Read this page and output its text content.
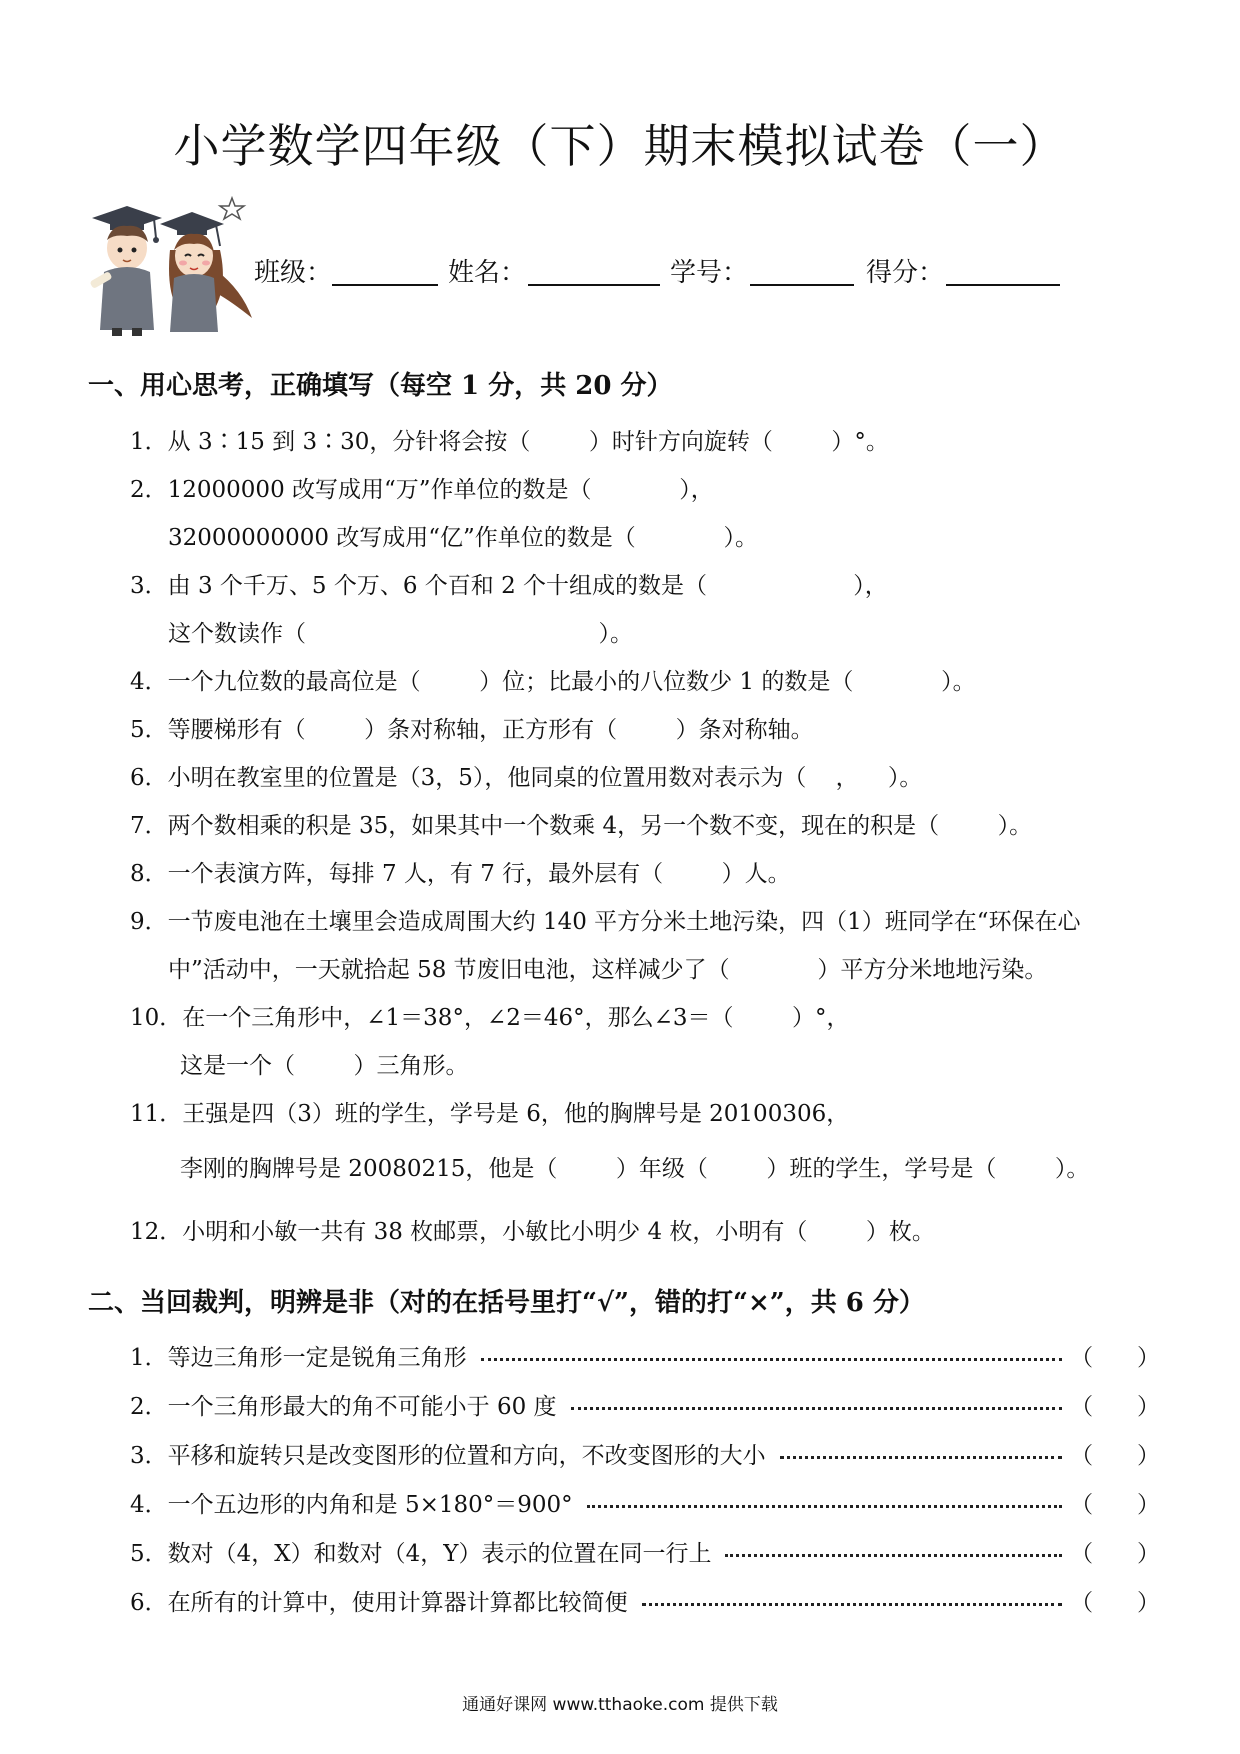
小学数学四年级（下）期末模拟试卷（一）
班级：	姓名：	学号：	得分：
一、用心思考，正确填写（每空 1 分，共 20 分）
1．从 3∶15 到 3∶30，分针将会按（        ）时针方向旋转（        ）°。
2．12000000 改写成用“万”作单位的数是（            ），
32000000000 改写成用“亿”作单位的数是（            ）。
3．由 3 个千万、5 个万、6 个百和 2 个十组成的数是（                    ），
这个数读作（                                        ）。
4．一个九位数的最高位是（        ）位；比最小的八位数少 1 的数是（            ）。
5．等腰梯形有（        ）条对称轴，正方形有（        ）条对称轴。
6．小明在教室里的位置是（3，5），他同桌的位置用数对表示为（    ，    ）。
7．两个数相乘的积是 35，如果其中一个数乘 4，另一个数不变，现在的积是（        ）。
8．一个表演方阵，每排 7 人，有 7 行，最外层有（        ）人。
9．一节废电池在土壤里会造成周围大约 140 平方分米土地污染，四（1）班同学在“环保在心
中”活动中，一天就拾起 58 节废旧电池，这样减少了（            ）平方分米地地污染。
10．在一个三角形中，∠1＝38°，∠2＝46°，那么∠3＝（        ）°，
这是一个（        ）三角形。
11．王强是四（3）班的学生，学号是 6，他的胸牌号是 20100306，
李刚的胸牌号是 20080215，他是（        ）年级（        ）班的学生，学号是（        ）。
12．小明和小敏一共有 38 枚邮票，小敏比小明少 4 枚，小明有（        ）枚。
二、当回裁判，明辨是非（对的在括号里打“√”，错的打“×”，共 6 分）
1．等边三角形一定是锐角三角形	（      ）
2．一个三角形最大的角不可能小于 60 度	（      ）
3．平移和旋转只是改变图形的位置和方向，不改变图形的大小	（      ）
4．一个五边形的内角和是 5×180°＝900°	（      ）
5．数对（4，X）和数对（4，Y）表示的位置在同一行上	（      ）
6．在所有的计算中，使用计算器计算都比较简便	（      ）
通通好课网 www.tthaoke.com 提供下载
